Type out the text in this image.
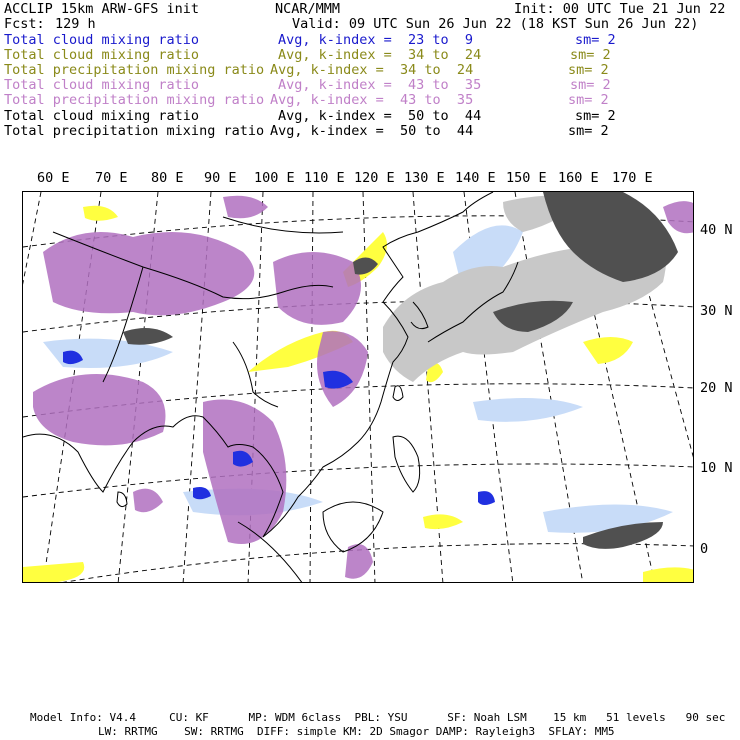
ACCLIP 15km ARW-GFS init	NCAR/MMM	Init: 00 UTC Tue 21 Jun 22
Fcst: 129 h	Valid: 09 UTC Sun 26 Jun 22 (18 KST Sun 26 Jun 22)
Total cloud mixing ratio	Avg, k-index =  23 to  9	sm= 2
Total cloud mixing ratio	Avg, k-index =  34 to  24	sm= 2
Total precipitation mixing ratio Avg, k-index =  34 to  24	sm= 2
Total cloud mixing ratio	Avg, k-index =  43 to  35	sm= 2
Total precipitation mixing ratio Avg, k-index =  43 to  35	sm= 2
Total cloud mixing ratio	Avg, k-index =  50 to  44	sm= 2
Total precipitation mixing ratio Avg, k-index =  50 to  44	sm= 2
60 E 70 E 80 E 90 E 100 E 110 E 120 E 130 E 140 E 150 E 160 E 170 E
40 N
30 N
20 N
10 N
0
Model Info: V4.4     CU: KF      MP: WDM 6class  PBL: YSU      SF: Noah LSM    15 km   51 levels   90 sec
LW: RRTMG    SW: RRTMG  DIFF: simple KM: 2D Smagor DAMP: Rayleigh3  SFLAY: MM5
